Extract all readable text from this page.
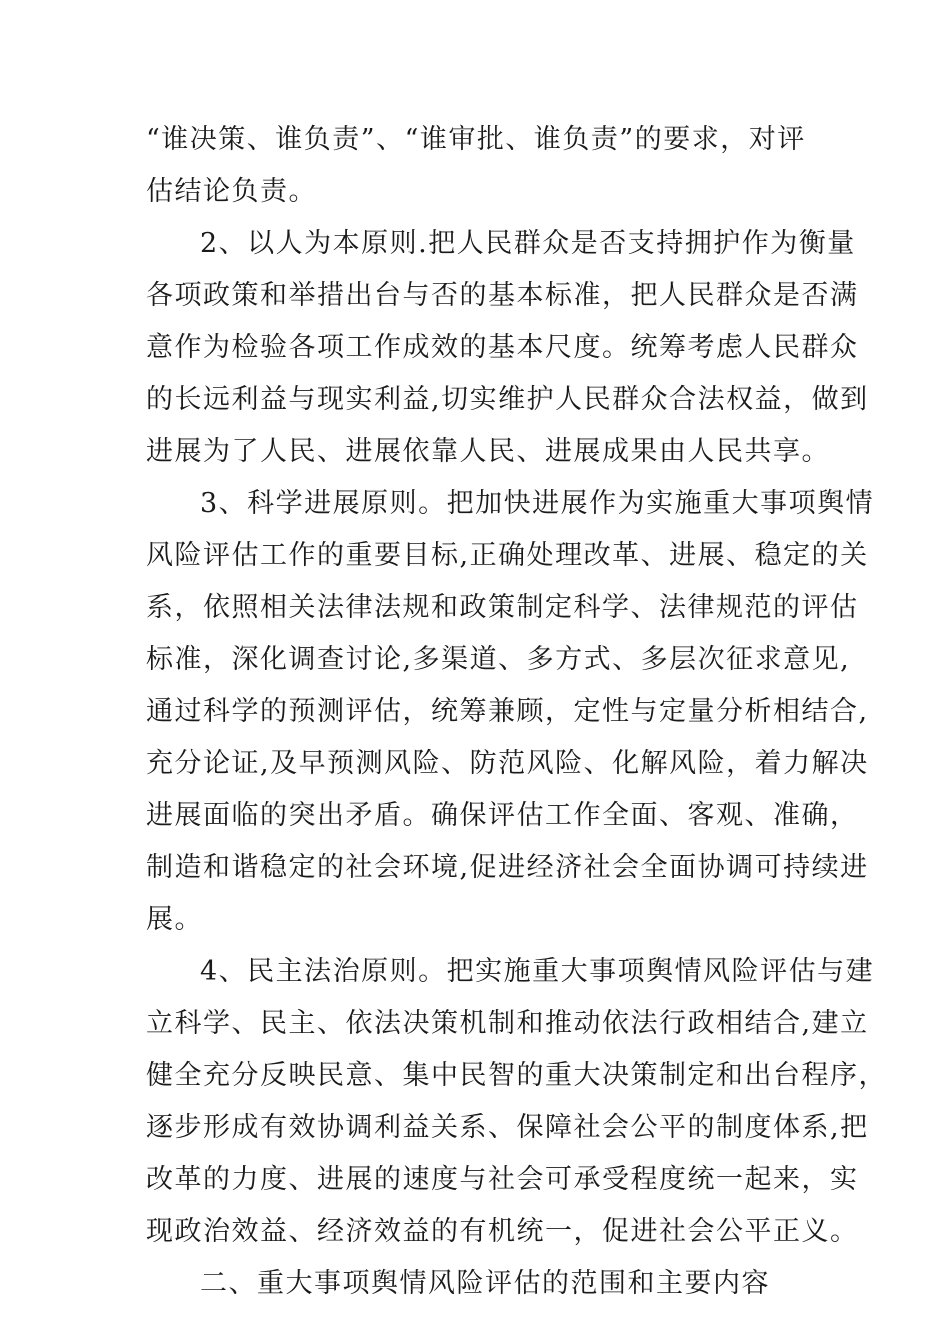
“谁决策、谁负责”、“谁审批、谁负责”的要求，对评
估结论负责。
2、以人为本原则.把人民群众是否支持拥护作为衡量
各项政策和举措出台与否的基本标准，把人民群众是否满
意作为检验各项工作成效的基本尺度。统筹考虑人民群众
的长远利益与现实利益,切实维护人民群众合法权益，做到
进展为了人民、进展依靠人民、进展成果由人民共享。
3、科学进展原则。把加快进展作为实施重大事项舆情
风险评估工作的重要目标,正确处理改革、进展、稳定的关
系，依照相关法律法规和政策制定科学、法律规范的评估
标准，深化调查讨论,多渠道、多方式、多层次征求意见,
通过科学的预测评估，统筹兼顾，定性与定量分析相结合,
充分论证,及早预测风险、防范风险、化解风险，着力解决
进展面临的突出矛盾。确保评估工作全面、客观、准确，
制造和谐稳定的社会环境,促进经济社会全面协调可持续进
展。
4、民主法治原则。把实施重大事项舆情风险评估与建
立科学、民主、依法决策机制和推动依法行政相结合,建立
健全充分反映民意、集中民智的重大决策制定和出台程序，
逐步形成有效协调利益关系、保障社会公平的制度体系,把
改革的力度、进展的速度与社会可承受程度统一起来，实
现政治效益、经济效益的有机统一，促进社会公平正义。
二、重大事项舆情风险评估的范围和主要内容
